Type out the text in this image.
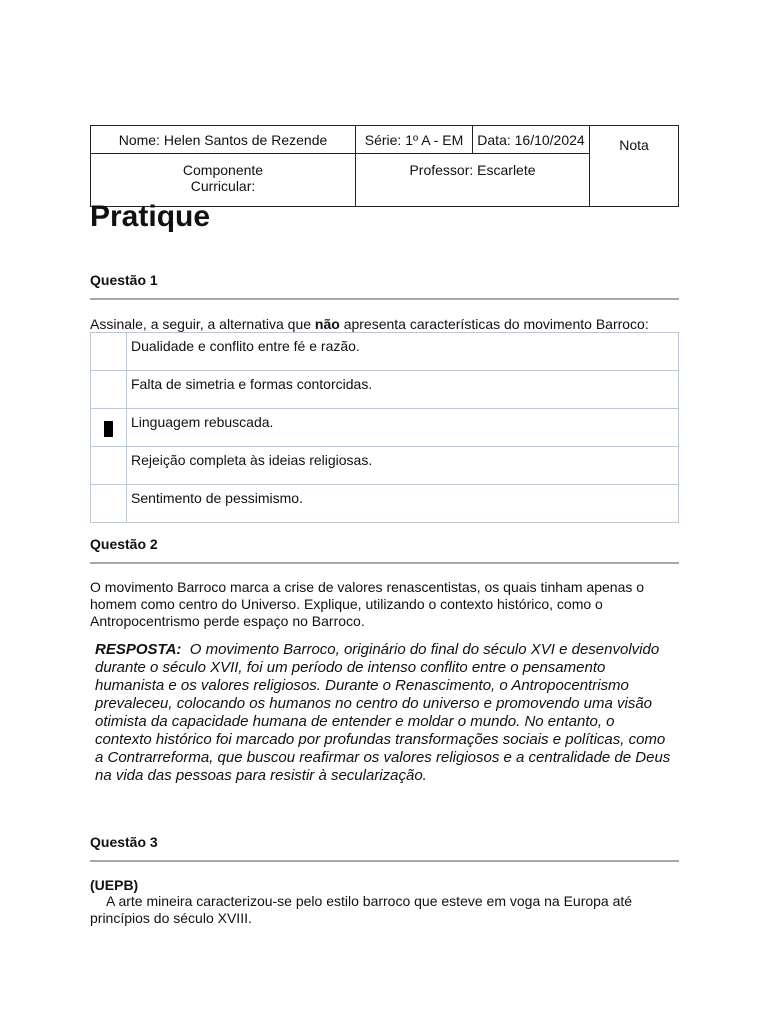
Nome: Helen Santos de Rezende	Série: 1º A - EM	Data: 16/10/2024	Nota
Componente
Curricular:	Professor: Escarlete		
Pratique
Questão 1
Assinale, a seguir, a alternativa que não apresenta características do movimento Barroco:
	Dualidade e conflito entre fé e razão.
	Falta de simetria e formas contorcidas.
	Linguagem rebuscada.
	Rejeição completa às ideias religiosas.
	Sentimento de pessimismo.
Questão 2
O movimento Barroco marca a crise de valores renascentistas, os quais tinham apenas o homem como centro do Universo. Explique, utilizando o contexto histórico, como o Antropocentrismo perde espaço no Barroco.
RESPOSTA: O movimento Barroco, originário do final do século XVI e desenvolvido durante o século XVII, foi um período de intenso conflito entre o pensamento humanista e os valores religiosos. Durante o Renascimento, o Antropocentrismo prevaleceu, colocando os humanos no centro do universo e promovendo uma visão otimista da capacidade humana de entender e moldar o mundo. No entanto, o contexto histórico foi marcado por profundas transformações sociais e políticas, como a Contrarreforma, que buscou reafirmar os valores religiosos e a centralidade de Deus na vida das pessoas para resistir à secularização.
Questão 3
(UEPB)
A arte mineira caracterizou-se pelo estilo barroco que esteve em voga na Europa até princípios do século XVIII.
